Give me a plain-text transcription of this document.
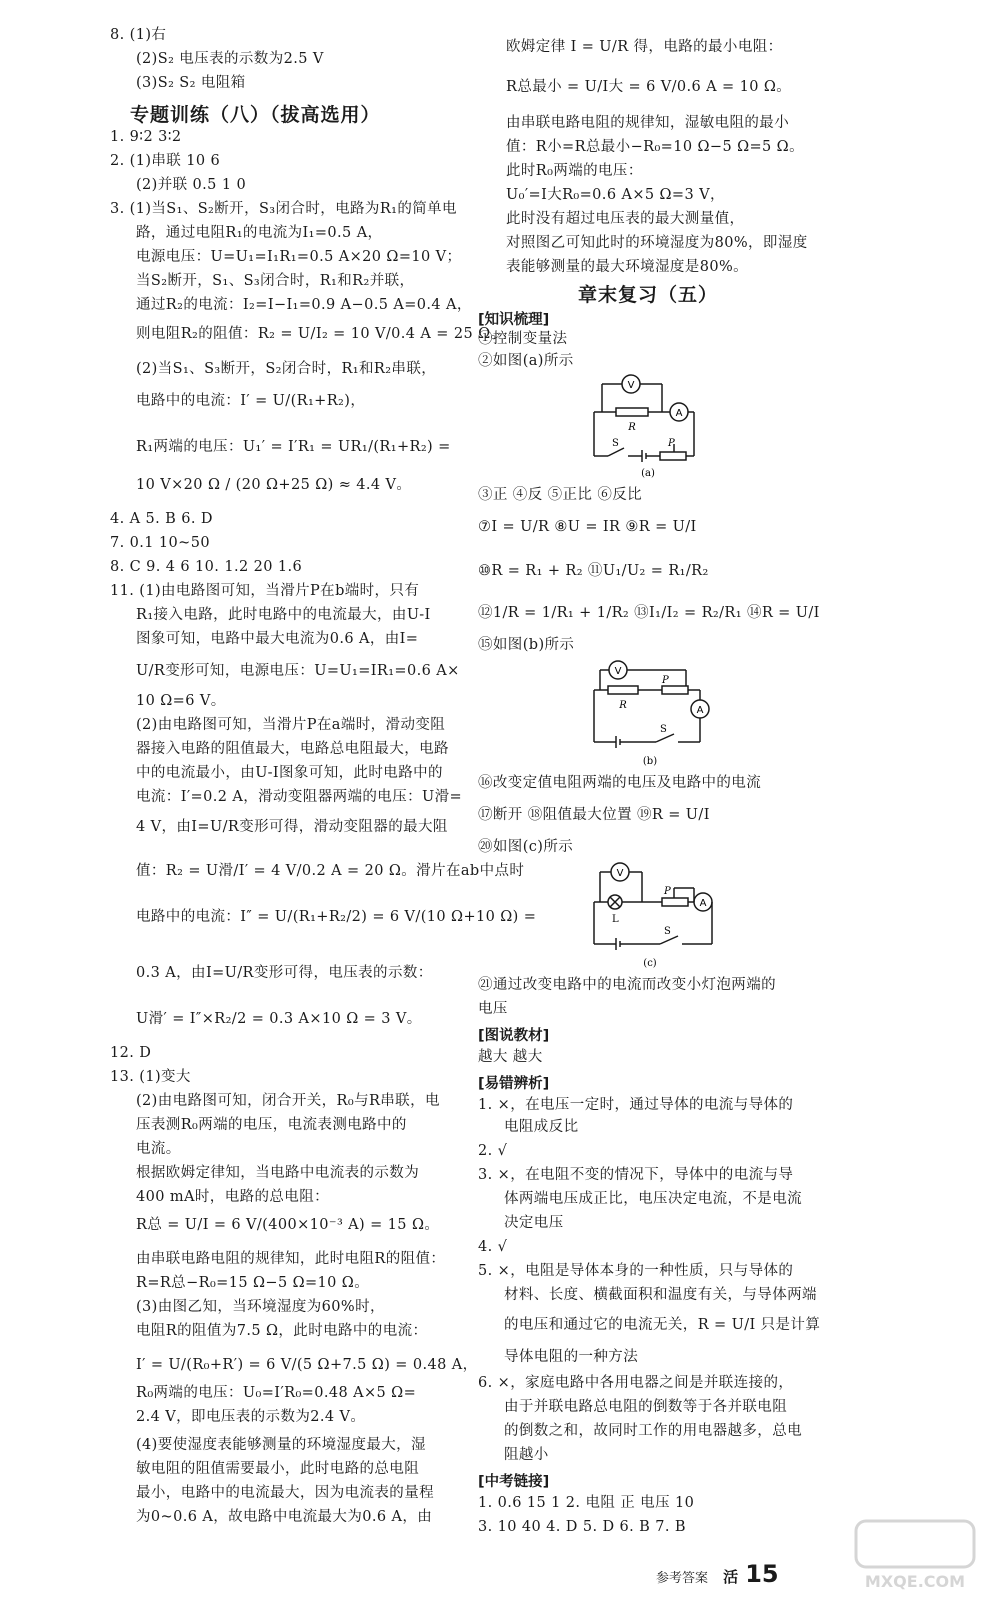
8. (1)右
(2)S₂ 电压表的示数为2.5 V
(3)S₂ S₂ 电阻箱
专题训练（八）（拔高选用）
1. 9∶2 3∶2
2. (1)串联 10 6
(2)并联 0.5 1 0
3. (1)当S₁、S₂断开，S₃闭合时，电路为R₁的简单电
路，通过电阻R₁的电流为I₁=0.5 A，
电源电压：U=U₁=I₁R₁=0.5 A×20 Ω=10 V；
当S₂断开，S₁、S₃闭合时，R₁和R₂并联，
通过R₂的电流：I₂=I−I₁=0.9 A−0.5 A=0.4 A，
则电阻R₂的阻值：R₂ = U/I₂ = 10 V/0.4 A = 25 Ω。
(2)当S₁、S₃断开，S₂闭合时，R₁和R₂串联，
电路中的电流：I′ = U/(R₁+R₂)，
R₁两端的电压：U₁′ = I′R₁ = UR₁/(R₁+R₂) =
10 V×20 Ω / (20 Ω+25 Ω) ≈ 4.4 V。
4. A 5. B 6. D
7. 0.1 10~50
8. C 9. 4 6 10. 1.2 20 1.6
11. (1)由电路图可知，当滑片P在b端时，只有
R₁接入电路，此时电路中的电流最大，由U-I
图象可知，电路中最大电流为0.6 A，由I=
U/R变形可知，电源电压：U=U₁=IR₁=0.6 A×
10 Ω=6 V。
(2)由电路图可知，当滑片P在a端时，滑动变阻
器接入电路的阻值最大，电路总电阻最大，电路
中的电流最小，由U-I图象可知，此时电路中的
电流：I′=0.2 A，滑动变阻器两端的电压：U滑=
4 V，由I=U/R变形可得，滑动变阻器的最大阻
值：R₂ = U滑/I′ = 4 V/0.2 A = 20 Ω。滑片在ab中点时
电路中的电流：I″ = U/(R₁+R₂/2) = 6 V/(10 Ω+10 Ω) =
0.3 A，由I=U/R变形可得，电压表的示数：
U滑′ = I″×R₂/2 = 0.3 A×10 Ω = 3 V。
12. D
13. (1)变大
(2)由电路图可知，闭合开关，R₀与R串联，电
压表测R₀两端的电压，电流表测电路中的
电流。
根据欧姆定律知，当电路中电流表的示数为
400 mA时，电路的总电阻：
R总 = U/I = 6 V/(400×10⁻³ A) = 15 Ω。
由串联电路电阻的规律知，此时电阻R的阻值：
R=R总−R₀=15 Ω−5 Ω=10 Ω。
(3)由图乙知，当环境湿度为60%时，
电阻R的阻值为7.5 Ω，此时电路中的电流：
I′ = U/(R₀+R′) = 6 V/(5 Ω+7.5 Ω) = 0.48 A，
R₀两端的电压：U₀=I′R₀=0.48 A×5 Ω=
2.4 V，即电压表的示数为2.4 V。
(4)要使湿度表能够测量的环境湿度最大，湿
敏电阻的阻值需要最小，此时电路的总电阻
最小，电路中的电流最大，因为电流表的量程
为0~0.6 A，故电路中电流最大为0.6 A，由
欧姆定律 I = U/R 得，电路的最小电阻：
R总最小 = U/I大 = 6 V/0.6 A = 10 Ω。
由串联电路电阻的规律知，湿敏电阻的最小
值：R小=R总最小−R₀=10 Ω−5 Ω=5 Ω。
此时R₀两端的电压：
U₀′=I大R₀=0.6 A×5 Ω=3 V，
此时没有超过电压表的最大测量值，
对照图乙可知此时的环境湿度为80%，即湿度
表能够测量的最大环境湿度是80%。
章末复习（五）
[知识梳理]
①控制变量法
②如图(a)所示
V
A
R
P
S
(a)
③正 ④反 ⑤正比 ⑥反比
⑦I = U/R ⑧U = IR ⑨R = U/I
⑩R = R₁ + R₂ ⑪U₁/U₂ = R₁/R₂
⑫1/R = 1/R₁ + 1/R₂ ⑬I₁/I₂ = R₂/R₁ ⑭R = U/I
⑮如图(b)所示
V
A
R
P
S
(b)
⑯改变定值电阻两端的电压及电路中的电流
⑰断开 ⑱阻值最大位置 ⑲R = U/I
⑳如图(c)所示
V
A
L
P
S
(c)
㉑通过改变电路中的电流而改变小灯泡两端的
电压
[图说教材]
越大 越大
[易错辨析]
1. ×，在电压一定时，通过导体的电流与导体的
电阻成反比
2. √
3. ×，在电阻不变的情况下，导体中的电流与导
体两端电压成正比，电压决定电流，不是电流
决定电压
4. √
5. ×，电阻是导体本身的一种性质，只与导体的
材料、长度、横截面积和温度有关，与导体两端
的电压和通过它的电流无关，R = U/I 只是计算
导体电阻的一种方法
6. ×，家庭电路中各用电器之间是并联连接的，
由于并联电路总电阻的倒数等于各并联电阻
的倒数之和，故同时工作的用电器越多，总电
阻越小
[中考链接]
1. 0.6 15 1 2. 电阻 正 电压 10
3. 10 40 4. D 5. D 6. B 7. B
参考答案 活 15	MXQE.COM
